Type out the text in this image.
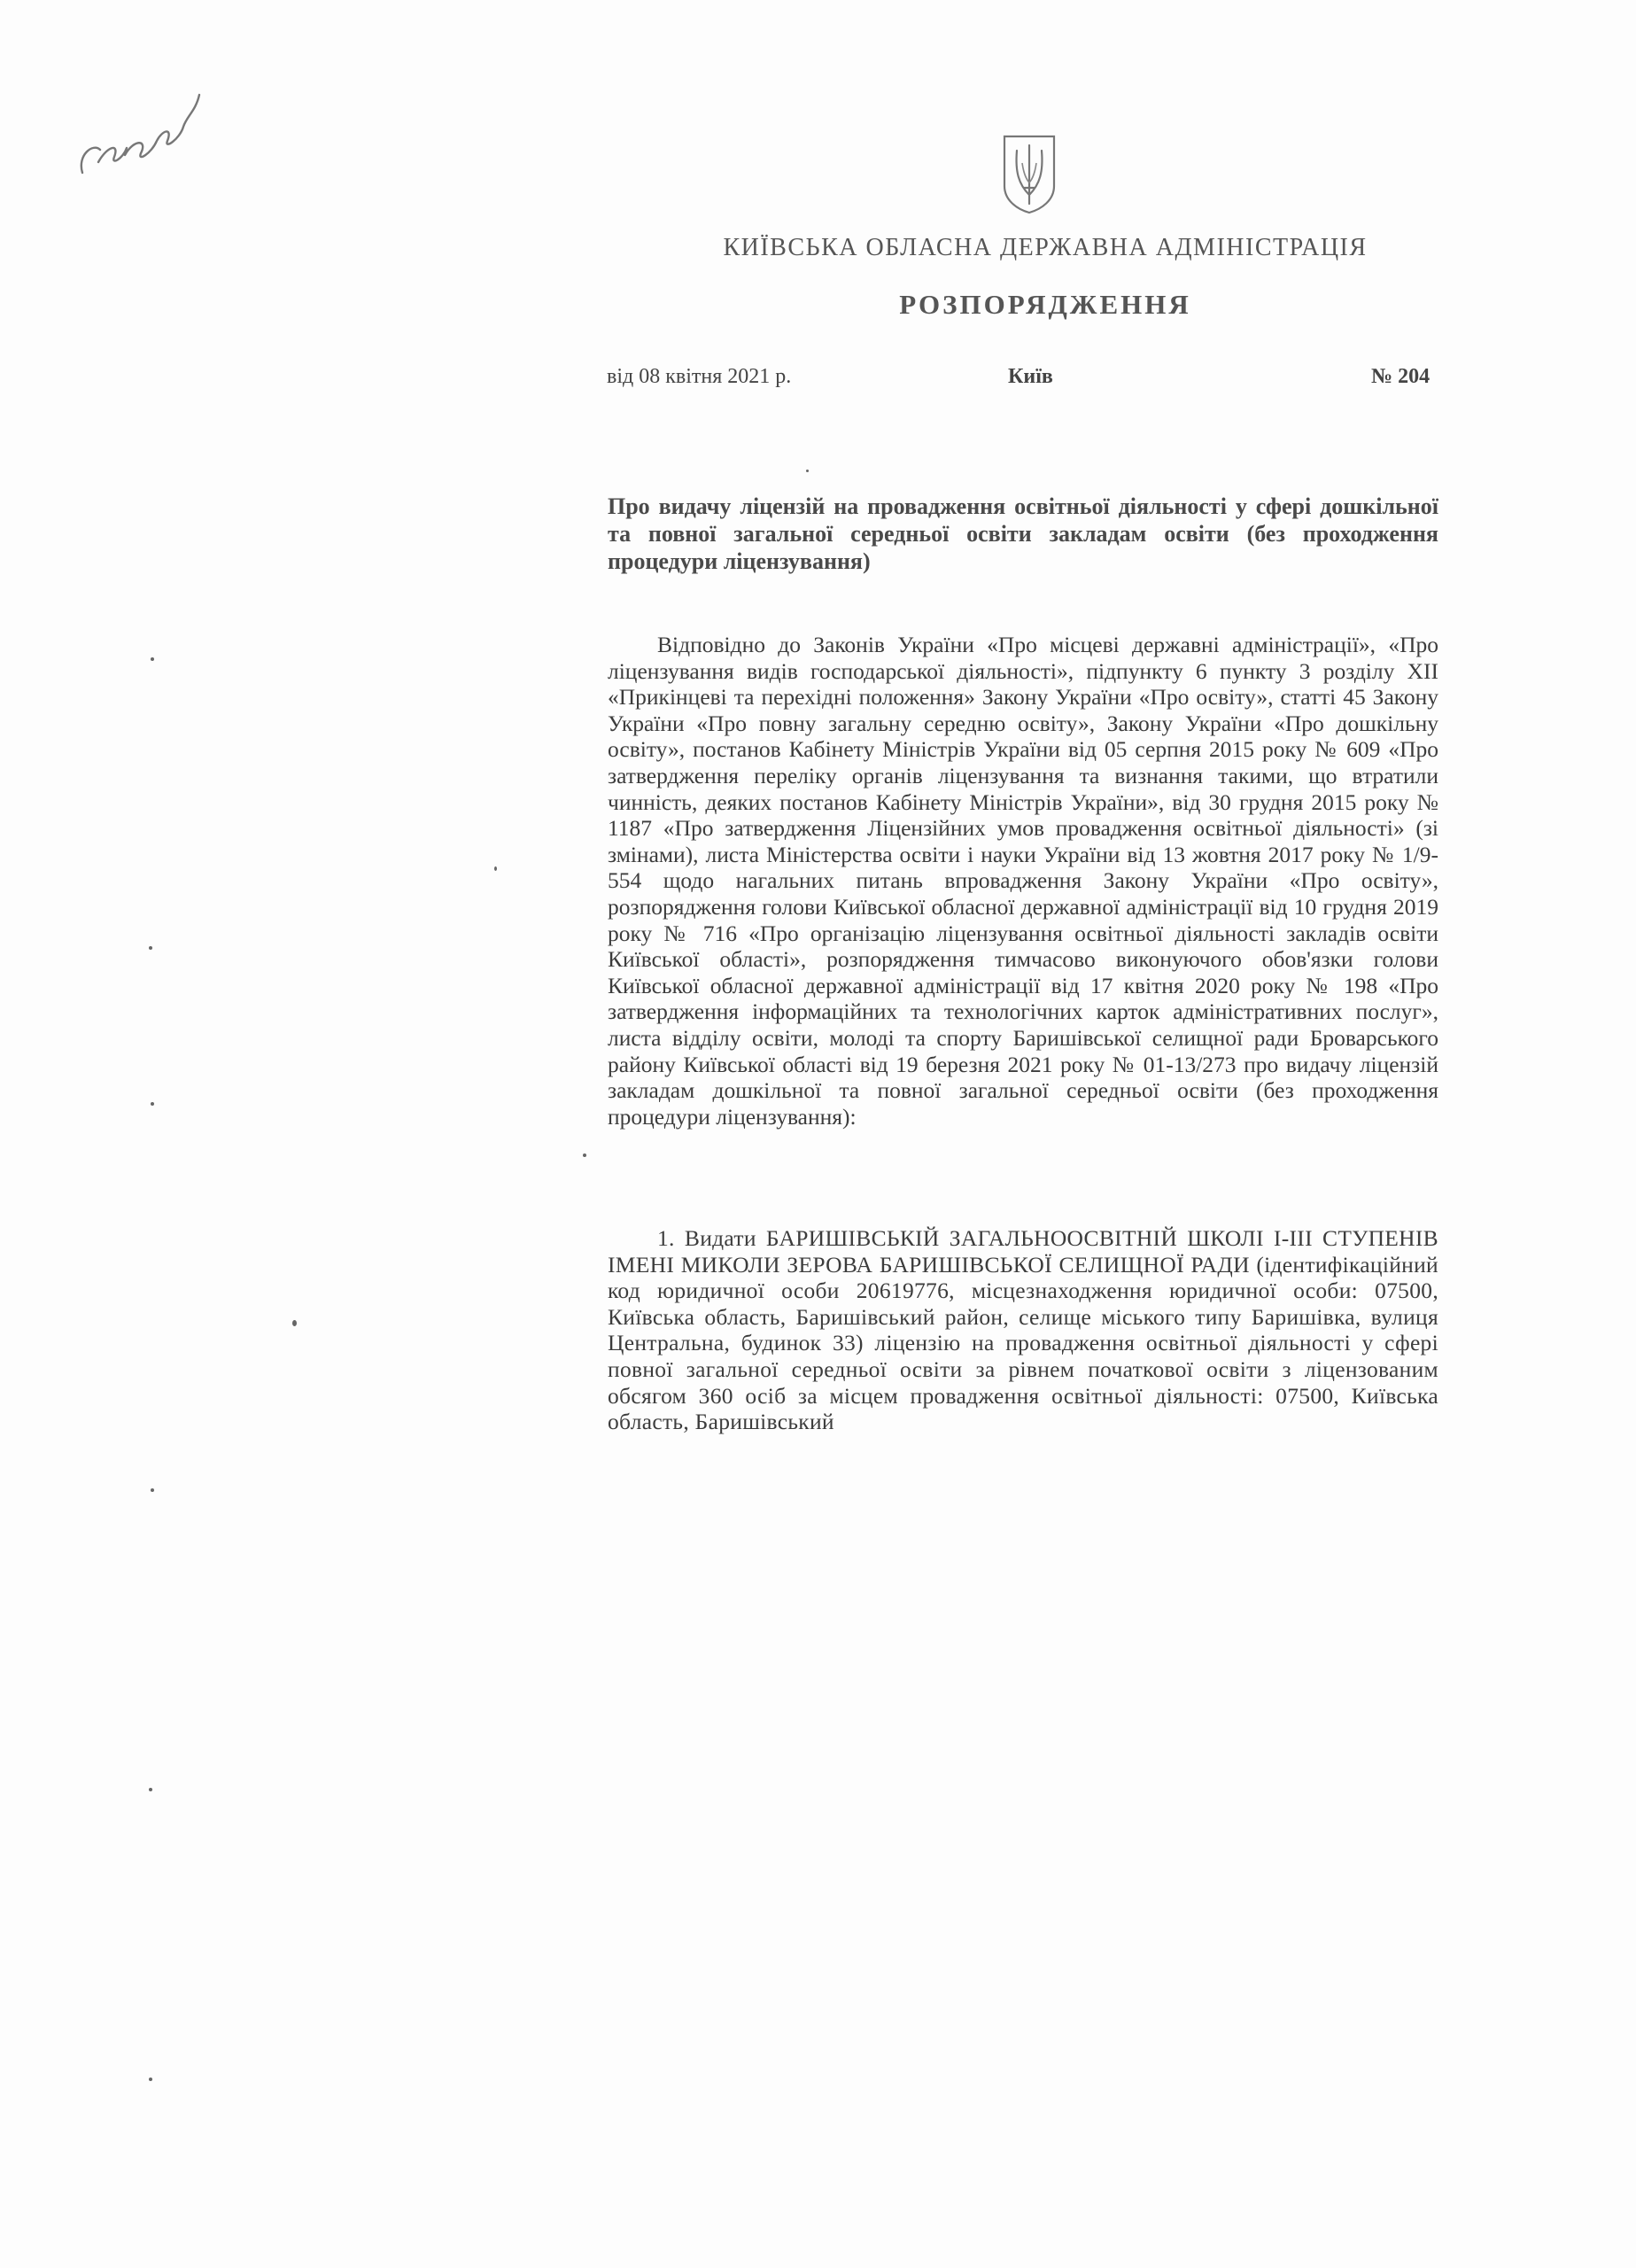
КИЇВСЬКА ОБЛАСНА ДЕРЖАВНА АДМІНІСТРАЦІЯ
РОЗПОРЯДЖЕННЯ
від 08 квітня 2021 р.	Київ	№ 204
Про видачу ліцензій на провадження освітньої діяльності у сфері дошкільної та повної загальної середньої освіти закладам освіти (без проходження процедури ліцензування)
Відповідно до Законів України «Про місцеві державні адміністрації», «Про ліцензування видів господарської діяльності», підпункту 6 пункту 3 розділу XII «Прикінцеві та перехідні положення» Закону України «Про освіту», статті 45 Закону України «Про повну загальну середню освіту», Закону України «Про дошкільну освіту», постанов Кабінету Міністрів України від 05 серпня 2015 року № 609 «Про затвердження переліку органів ліцензування та визнання такими, що втратили чинність, деяких постанов Кабінету Міністрів України», від 30 грудня 2015 року № 1187 «Про затвердження Ліцензійних умов провадження освітньої діяльності» (зі змінами), листа Міністерства освіти і науки України від 13 жовтня 2017 року № 1/9-554 щодо нагальних питань впровадження Закону України «Про освіту», розпорядження голови Київської обласної державної адміністрації від 10 грудня 2019 року № 716 «Про організацію ліцензування освітньої діяльності закладів освіти Київської області», розпорядження тимчасово виконуючого обов'язки голови Київської обласної державної адміністрації від 17 квітня 2020 року № 198 «Про затвердження інформаційних та технологічних карток адміністративних послуг», листа відділу освіти, молоді та спорту Баришівської селищної ради Броварського району Київської області від 19 березня 2021 року № 01-13/273 про видачу ліцензій закладам дошкільної та повної загальної середньої освіти (без проходження процедури ліцензування):
1. Видати БАРИШІВСЬКІЙ ЗАГАЛЬНООСВІТНІЙ ШКОЛІ І-ІІІ СТУПЕНІВ ІМЕНІ МИКОЛИ ЗЕРОВА БАРИШІВСЬКОЇ СЕЛИЩНОЇ РАДИ (ідентифікаційний код юридичної особи 20619776, місцезнаходження юридичної особи: 07500, Київська область, Баришівський район, селище міського типу Баришівка, вулиця Центральна, будинок 33) ліцензію на провадження освітньої діяльності у сфері повної загальної середньої освіти за рівнем початкової освіти з ліцензованим обсягом 360 осіб за місцем провадження освітньої діяльності: 07500, Київська область, Баришівський
